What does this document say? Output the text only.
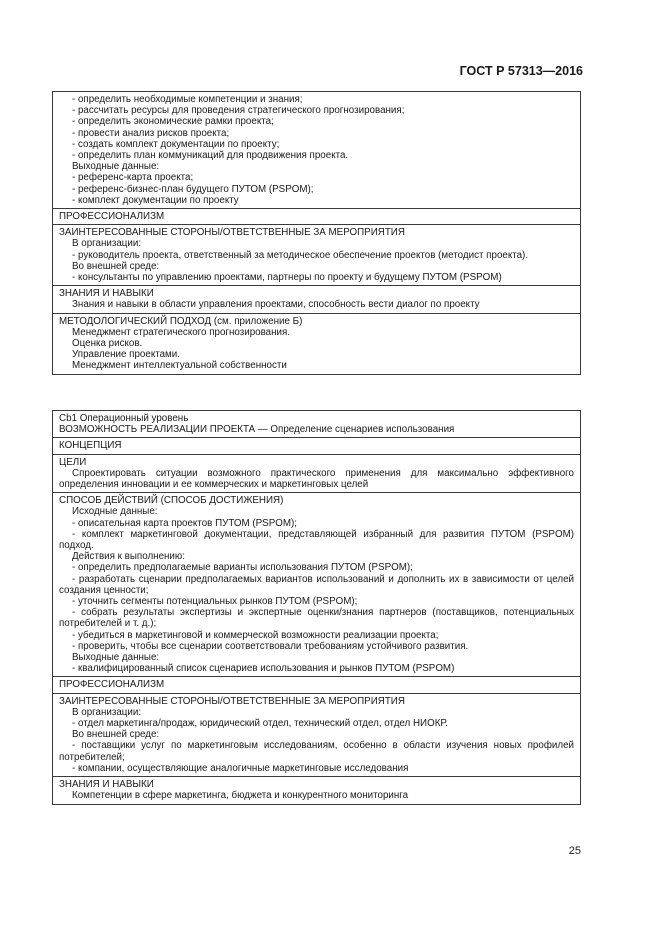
ГОСТ Р 57313—2016
- определить необходимые компетенции и знания;
- рассчитать ресурсы для проведения стратегического прогнозирования;
- определить экономические рамки проекта;
- провести анализ рисков проекта;
- создать комплект документации по проекту;
- определить план коммуникаций для продвижения проекта.
Выходные данные:
- референс-карта проекта;
- референс-бизнес-план будущего ПУТОМ (PSPOM);
- комплект документации по проекту
ПРОФЕССИОНАЛИЗМ
ЗАИНТЕРЕСОВАННЫЕ СТОРОНЫ/ОТВЕТСТВЕННЫЕ ЗА МЕРОПРИЯТИЯ
В организации:
- руководитель проекта, ответственный за методическое обеспечение проектов (методист проекта).
Во внешней среде:
- консультанты по управлению проектами, партнеры по проекту и будущему ПУТОМ (PSPOM)
ЗНАНИЯ И НАВЫКИ
Знания и навыки в области управления проектами, способность вести диалог по проекту
МЕТОДОЛОГИЧЕСКИЙ ПОДХОД (см. приложение Б)
Менеджмент стратегического прогнозирования.
Оценка рисков.
Управление проектами.
Менеджмент интеллектуальной собственности
Cb1 Операционный уровень
ВОЗМОЖНОСТЬ РЕАЛИЗАЦИИ ПРОЕКТА — Определение сценариев использования
КОНЦЕПЦИЯ
ЦЕЛИ
Спроектировать ситуации возможного практического применения для максимально эффективного определения инновации и ее коммерческих и маркетинговых целей
СПОСОБ ДЕЙСТВИЙ (СПОСОБ ДОСТИЖЕНИЯ)
Исходные данные:
- описательная карта проектов ПУТОМ (PSPOM);
- комплект маркетинговой документации, представляющей избранный для развития ПУТОМ (PSPOM) подход.
Действия к выполнению:
- определить предполагаемые варианты использования ПУТОМ (PSPOM);
- разработать сценарии предполагаемых вариантов использований и дополнить их в зависимости от целей создания ценности;
- уточнить сегменты потенциальных рынков ПУТОМ (PSPOM);
- собрать результаты экспертизы и экспертные оценки/знания партнеров (поставщиков, потенциальных потребителей и т. д.);
- убедиться в маркетинговой и коммерческой возможности реализации проекта;
- проверить, чтобы все сценарии соответствовали требованиям устойчивого развития.
Выходные данные:
- квалифицированный список сценариев использования и рынков ПУТОМ (PSPOM)
ПРОФЕССИОНАЛИЗМ
ЗАИНТЕРЕСОВАННЫЕ СТОРОНЫ/ОТВЕТСТВЕННЫЕ ЗА МЕРОПРИЯТИЯ
В организации:
- отдел маркетинга/продаж, юридический отдел, технический отдел, отдел НИОКР.
Во внешней среде:
- поставщики услуг по маркетинговым исследованиям, особенно в области изучения новых профилей потребителей;
- компании, осуществляющие аналогичные маркетинговые исследования
ЗНАНИЯ И НАВЫКИ
Компетенции в сфере маркетинга, бюджета и конкурентного мониторинга
25
